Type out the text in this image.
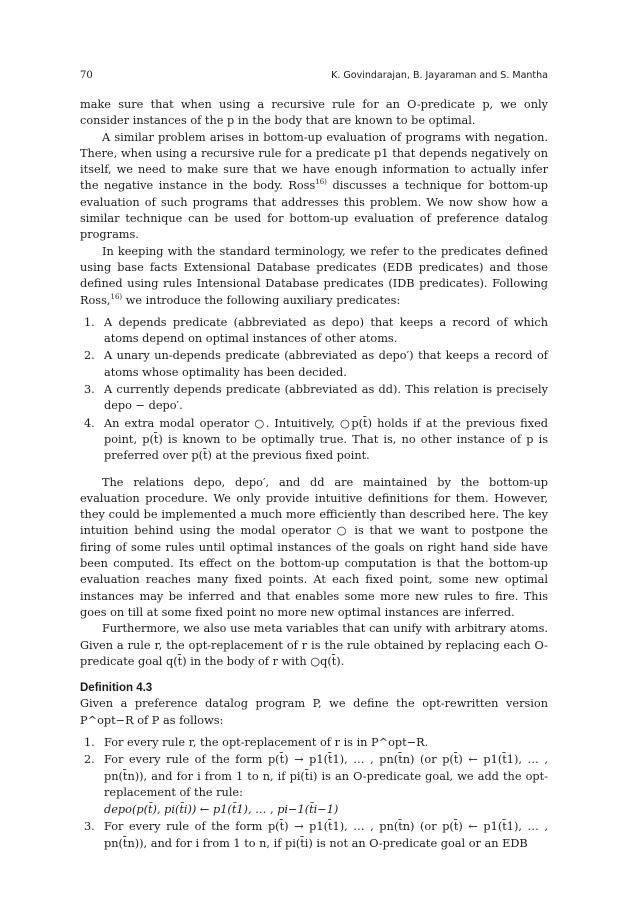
70	K. Govindarajan, B. Jayaraman and S. Mantha

make sure that when using a recursive rule for an O-predicate p, we only consider instances of the p in the body that are known to be optimal.

A similar problem arises in bottom-up evaluation of programs with negation. There, when using a recursive rule for a predicate p1 that depends negatively on itself, we need to make sure that we have enough information to actually infer the negative instance in the body. Ross$^{16)}$ discusses a technique for bottom-up evaluation of such programs that addresses this problem. We now show how a similar technique can be used for bottom-up evaluation of preference datalog programs.

In keeping with the standard terminology, we refer to the predicates defined using base facts Extensional Database predicates (EDB predicates) and those defined using rules Intensional Database predicates (IDB predicates). Following Ross,$^{16)}$ we introduce the following auxiliary predicates:

1. A depends predicate (abbreviated as depo) that keeps a record of which atoms depend on optimal instances of other atoms.
2. A unary un-depends predicate (abbreviated as depo′) that keeps a record of atoms whose optimality has been decided.
3. A currently depends predicate (abbreviated as dd). This relation is precisely depo − depo′.
4. An extra modal operator ○. Intuitively, ○p(t̄) holds if at the previous fixed point, p(t̄) is known to be optimally true. That is, no other instance of p is preferred over p(t̄) at the previous fixed point.

The relations depo, depo′, and dd are maintained by the bottom-up evaluation procedure. We only provide intuitive definitions for them. However, they could be implemented a much more efficiently than described here. The key intuition behind using the modal operator ○ is that we want to postpone the firing of some rules until optimal instances of the goals on right hand side have been computed. Its effect on the bottom-up computation is that the bottom-up evaluation reaches many fixed points. At each fixed point, some new optimal instances may be inferred and that enables some more new rules to fire. This goes on till at some fixed point no more new optimal instances are inferred.

Furthermore, we also use meta variables that can unify with arbitrary atoms. Given a rule r, the opt-replacement of r is the rule obtained by replacing each O-predicate goal q(t̄) in the body of r with ○q(t̄).

Definition 4.3

Given a preference datalog program P, we define the opt-rewritten version P^opt−R of P as follows:

1. For every rule r, the opt-replacement of r is in P^opt−R.
2. For every rule of the form p(t̄) → p1(t̄1), … , pn(t̄n) (or p(t̄) ← p1(t̄1), … , pn(t̄n)), and for i from 1 to n, if pi(t̄i) is an O-predicate goal, we add the opt-replacement of the rule:
depo(p(t̄), pi(t̄i)) ← p1(t̄1), … , pi−1(t̄i−1)
3. For every rule of the form p(t̄) → p1(t̄1), … , pn(t̄n) (or p(t̄) ← p1(t̄1), … , pn(t̄n)), and for i from 1 to n, if pi(t̄i) is not an O-predicate goal or an EDB
